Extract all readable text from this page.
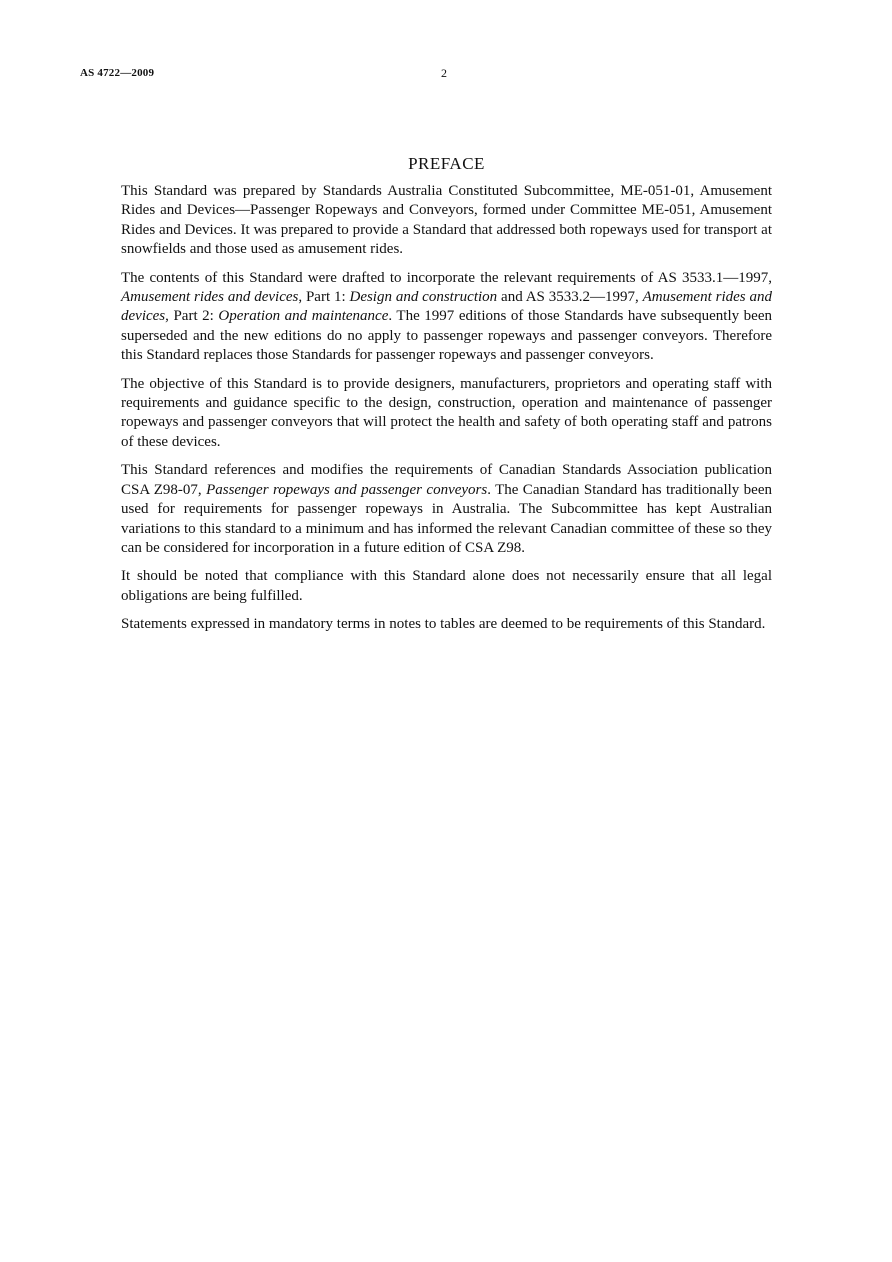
AS 4722—2009	2
PREFACE

This Standard was prepared by Standards Australia Constituted Subcommittee, ME-051-01, Amusement Rides and Devices—Passenger Ropeways and Conveyors, formed under Committee ME-051, Amusement Rides and Devices. It was prepared to provide a Standard that addressed both ropeways used for transport at snowfields and those used as amusement rides.

The contents of this Standard were drafted to incorporate the relevant requirements of AS 3533.1—1997, Amusement rides and devices, Part 1: Design and construction and AS 3533.2—1997, Amusement rides and devices, Part 2: Operation and maintenance. The 1997 editions of those Standards have subsequently been superseded and the new editions do no apply to passenger ropeways and passenger conveyors. Therefore this Standard replaces those Standards for passenger ropeways and passenger conveyors.

The objective of this Standard is to provide designers, manufacturers, proprietors and operating staff with requirements and guidance specific to the design, construction, operation and maintenance of passenger ropeways and passenger conveyors that will protect the health and safety of both operating staff and patrons of these devices.

This Standard references and modifies the requirements of Canadian Standards Association publication CSA Z98-07, Passenger ropeways and passenger conveyors. The Canadian Standard has traditionally been used for requirements for passenger ropeways in Australia. The Subcommittee has kept Australian variations to this standard to a minimum and has informed the relevant Canadian committee of these so they can be considered for incorporation in a future edition of CSA Z98.

It should be noted that compliance with this Standard alone does not necessarily ensure that all legal obligations are being fulfilled.

Statements expressed in mandatory terms in notes to tables are deemed to be requirements of this Standard.
